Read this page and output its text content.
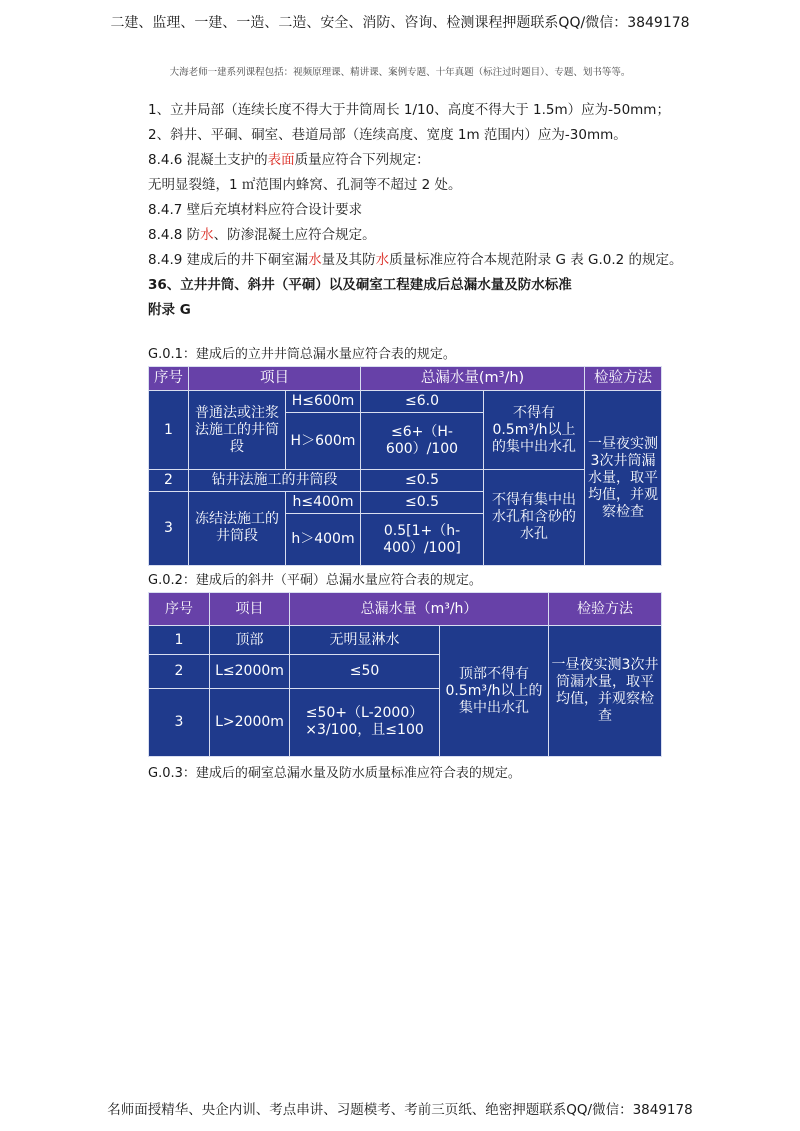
二建、监理、一建、一造、二造、安全、消防、咨询、检测课程押题联系QQ/微信：3849178
大海老师一建系列课程包括：视频原理课、精讲课、案例专题、十年真题（标注过时题目）、专题、划书等等。

1、立井局部（连续长度不得大于井筒周长 1/10、高度不得大于 1.5m）应为-50mm；

2、斜井、平硐、硐室、巷道局部（连续高度、宽度 1m 范围内）应为-30mm。

8.4.6 混凝土支护的表面质量应符合下列规定：

无明显裂缝，1 ㎡范围内蜂窝、孔洞等不超过 2 处。

8.4.7 壁后充填材料应符合设计要求

8.4.8 防水、防渗混凝土应符合规定。

8.4.9 建成后的井下硐室漏水量及其防水质量标准应符合本规范附录 G 表 G.0.2 的规定。

36、立井井筒、斜井（平硐）以及硐室工程建成后总漏水量及防水标准

附录 G

G.0.1：建成后的立井井筒总漏水量应符合表的规定。
序号	项目		总漏水量(m³/h)		检验方法
1	普通法或注浆法施工的井筒段	H≤600m	≤6.0	不得有0.5m³/h以上的集中出水孔	一昼夜实测3次井筒漏水量，取平均值，并观察检查
		H＞600m	≤6+（H-600）/100		
2	钻井法施工的井筒段		≤0.5	不得有集中出水孔和含砂的水孔	
3	冻结法施工的井筒段	h≤400m	≤0.5		
		h＞400m	0.5[1+（h-400）/100]		
G.0.2：建成后的斜井（平硐）总漏水量应符合表的规定。
序号	项目	总漏水量（m³/h）		检验方法
1	顶部	无明显淋水	顶部不得有0.5m³/h以上的集中出水孔	一昼夜实测3次井筒漏水量，取平均值，并观察检查
2	L≤2000m	≤50		
3	L>2000m	≤50+（L-2000）×3/100，且≤100		
G.0.3：建成后的硐室总漏水量及防水质量标准应符合表的规定。
名师面授精华、央企内训、考点串讲、习题模考、考前三页纸、绝密押题联系QQ/微信：3849178
